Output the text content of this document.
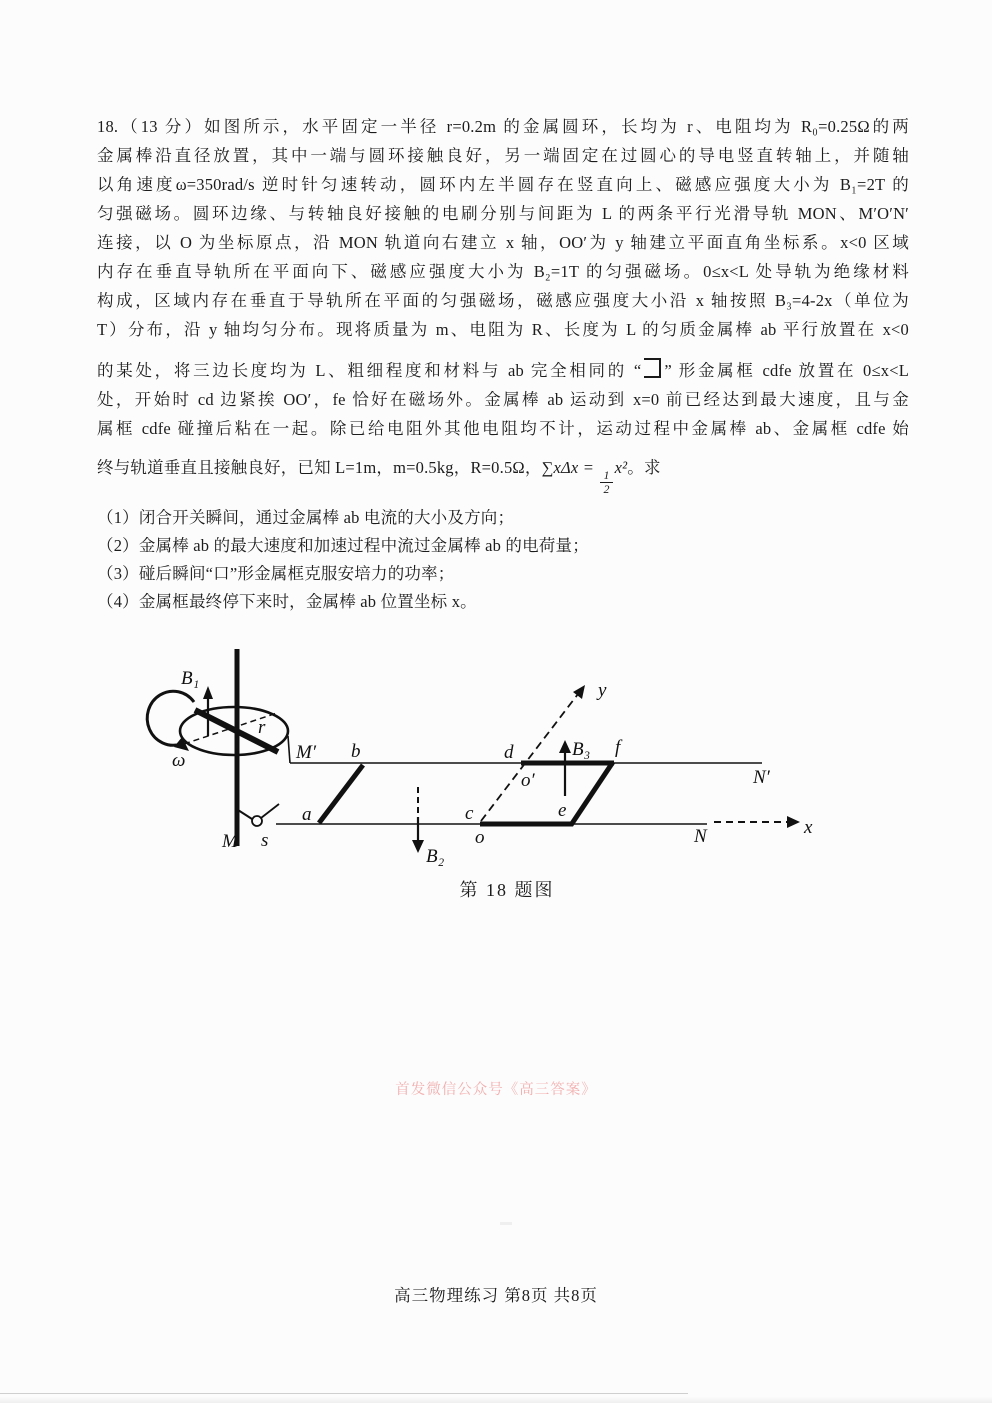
18.（13 分）如图所示，水平固定一半径 r=0.2m 的金属圆环，长均为 r、电阻均为 R₀=0.25Ω的两
金属棒沿直径放置，其中一端与圆环接触良好，另一端固定在过圆心的导电竖直转轴上，并随轴
以角速度ω=350rad/s 逆时针匀速转动，圆环内左半圆存在竖直向上、磁感应强度大小为 B₁=2T 的
匀强磁场。圆环边缘、与转轴良好接触的电刷分别与间距为 L 的两条平行光滑导轨 MON、M′O′N′
连接，以 O 为坐标原点，沿 MON 轨道向右建立 x 轴，OO′为 y 轴建立平面直角坐标系。x<0 区域
内存在垂直导轨所在平面向下、磁感应强度大小为 B₂=1T 的匀强磁场。0≤x<L 处导轨为绝缘材料
构成，区域内存在垂直于导轨所在平面的匀强磁场，磁感应强度大小沿 x 轴按照 B₃=4-2x（单位为
T）分布，沿 y 轴均匀分布。现将质量为 m、电阻为 R、长度为 L 的匀质金属棒 ab 平行放置在 x<0
的某处，将三边长度均为 L、粗细程度和材料与 ab 完全相同的 “ ” 形金属框 cdfe 放置在 0≤x<L
处，开始时 cd 边紧挨 OO′，fe 恰好在磁场外。金属棒 ab 运动到 x=0 前已经达到最大速度，且与金
属框 cdfe 碰撞后粘在一起。除已给电阻外其他电阻均不计，运动过程中金属棒 ab、金属框 cdfe 始
终与轨道垂直且接触良好，已知 L=1m，m=0.5kg，R=0.5Ω，∑xΔx =
$\frac{1}{2}$
x²。求
（1）闭合开关瞬间，通过金属棒 ab 电流的大小及方向；
（2）金属棒 ab 的最大速度和加速过程中流过金属棒 ab 的电荷量；
（3）碰后瞬间“口”形金属框克服安培力的功率；
（4）金属框最终停下来时，金属棒 ab 位置坐标 x。
B₁
ω
r
M′
N′
N
M s
a
b
B₂
y
d
o′
f
c	e
o
B₃
x
第 18 题图
首发微信公众号《高三答案》
高三物理练习 第8页 共8页
